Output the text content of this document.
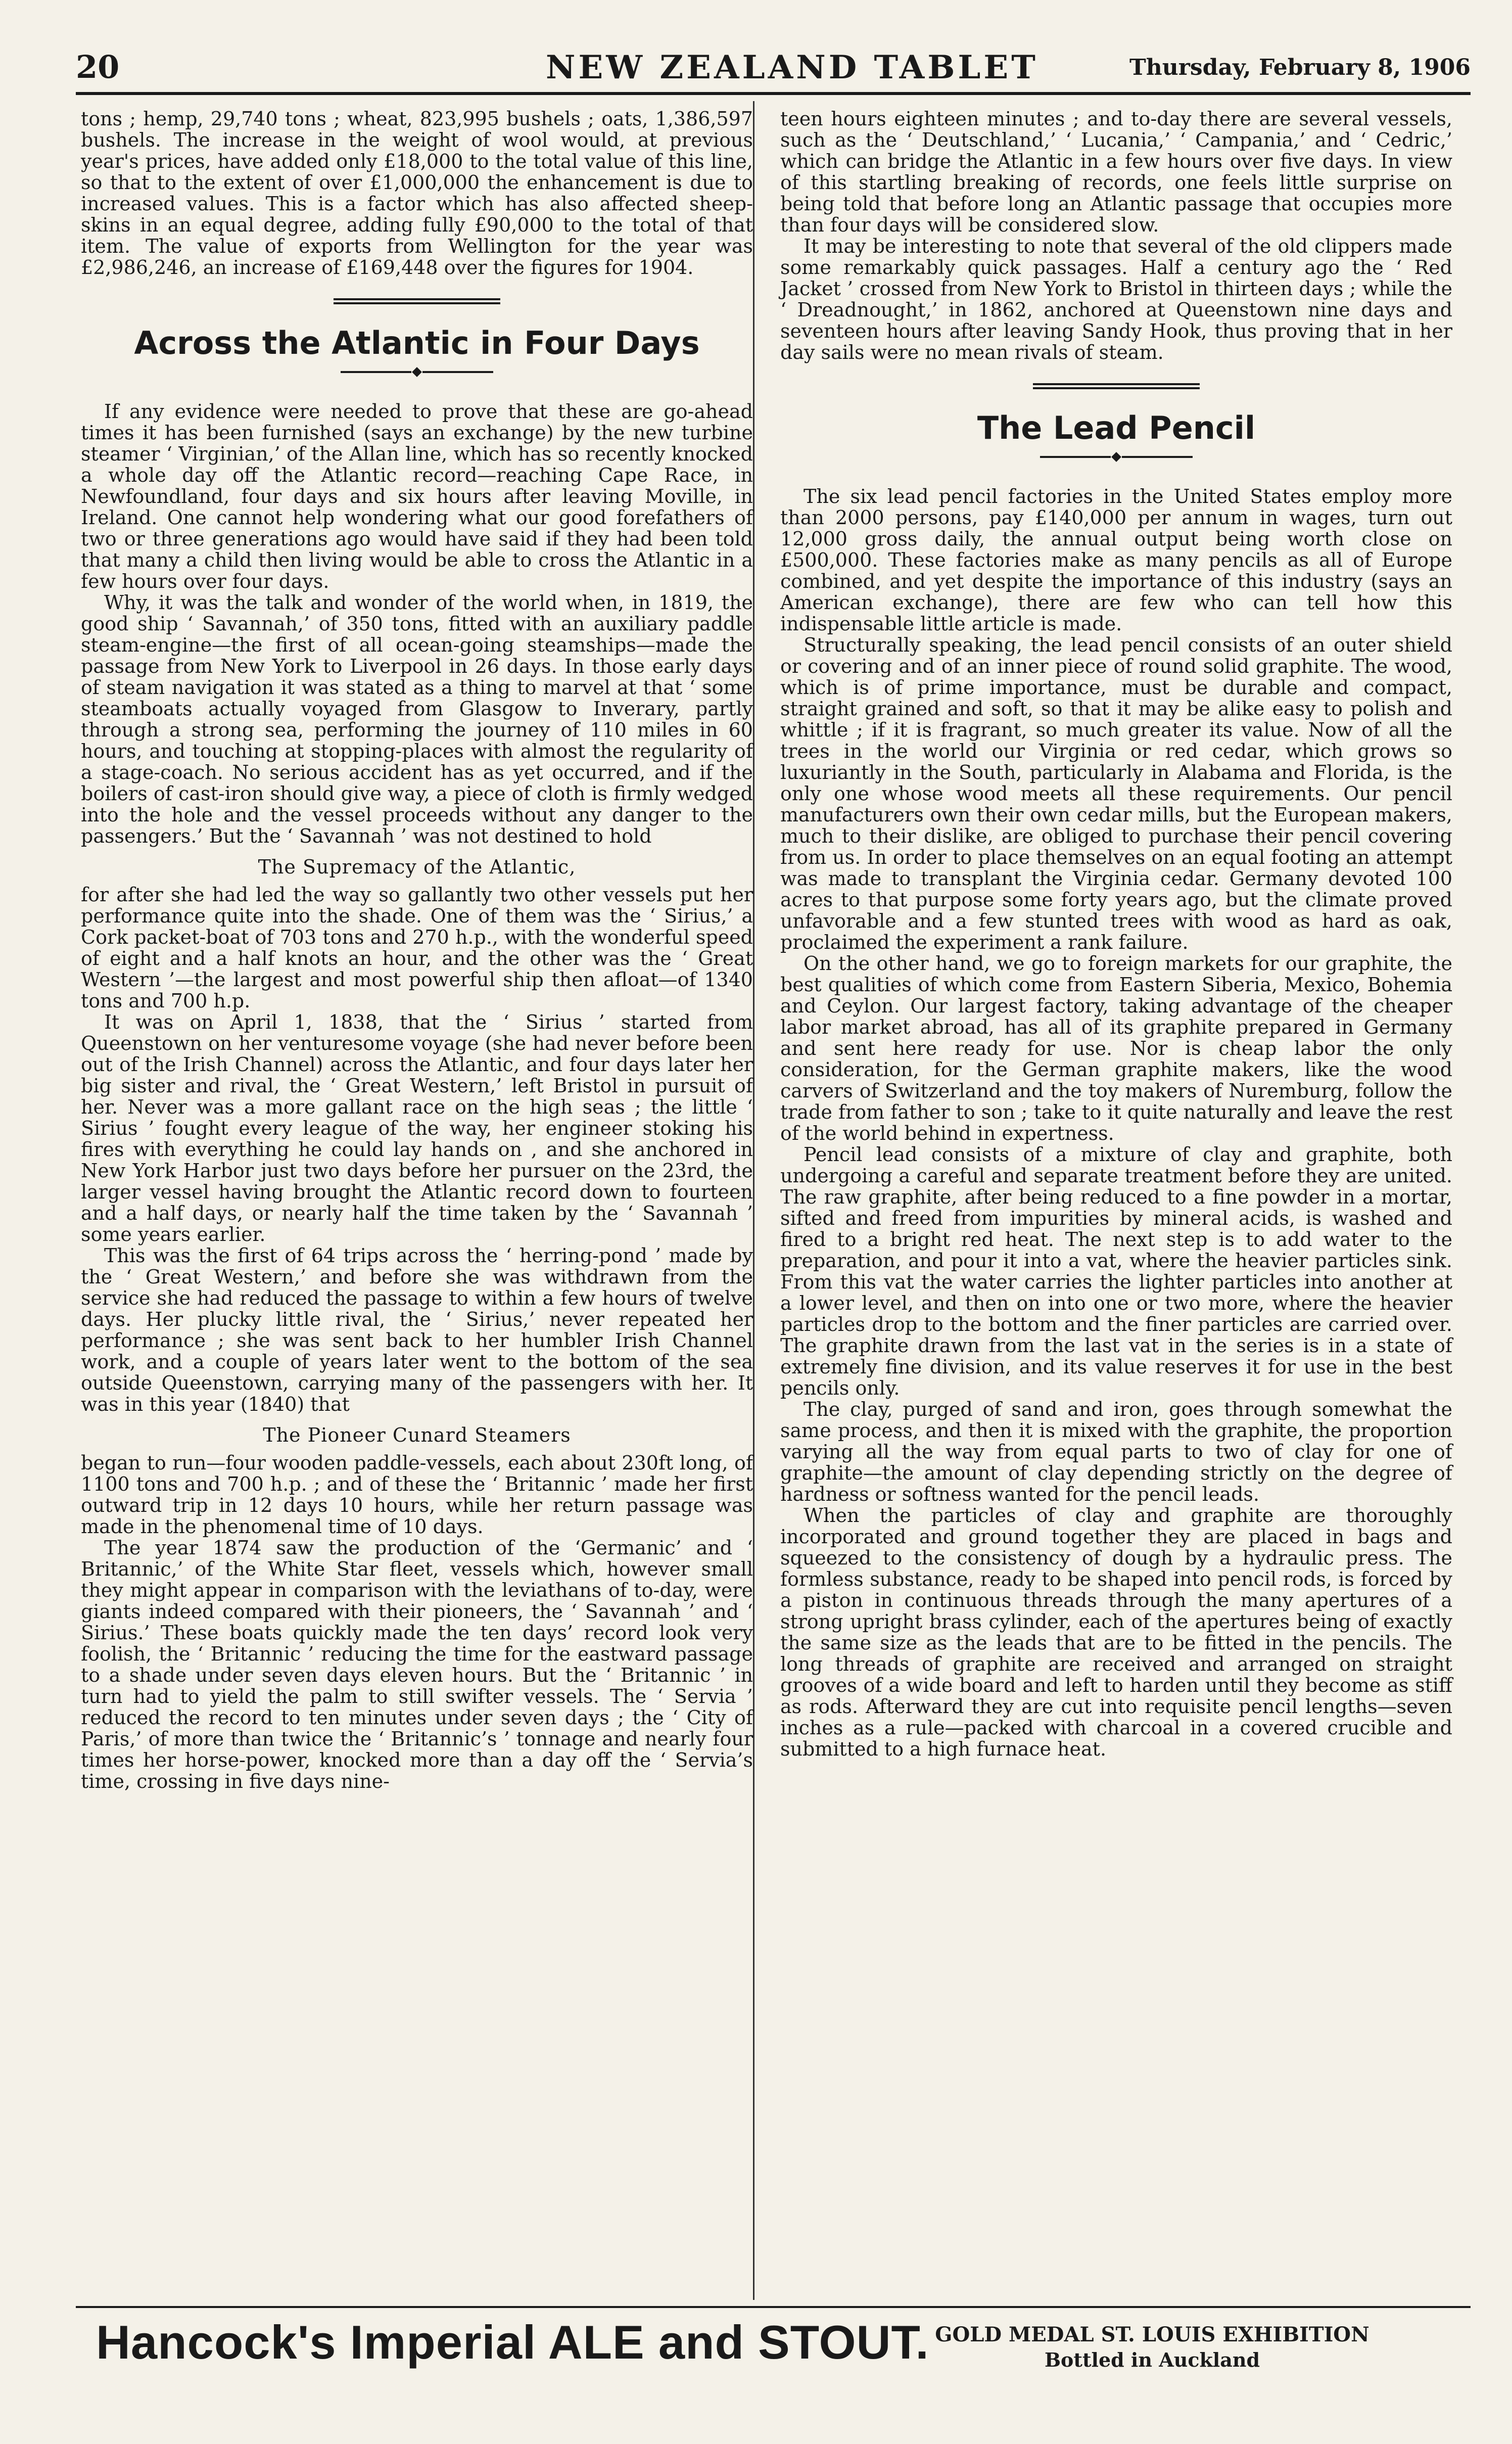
20	NEW ZEALAND TABLET	Thursday, February 8, 1906

tons ; hemp, 29,740 tons ; wheat, 823,995 bushels ; oats, 1,386,597 bushels. The increase in the weight of wool would, at previous year's prices, have added only £18,000 to the total value of this line, so that to the extent of over £1,000,000 the enhancement is due to increased values. This is a factor which has also affected sheep-skins in an equal degree, adding fully £90,000 to the total of that item. The value of exports from Wellington for the year was £2,986,246, an increase of £169,448 over the figures for 1904.

Across the Atlantic in Four Days

If any evidence were needed to prove that these are go-ahead times it has been furnished (says an exchange) by the new turbine steamer ‘ Virginian,’ of the Allan line, which has so recently knocked a whole day off the Atlantic record—reaching Cape Race, in Newfoundland, four days and six hours after leaving Moville, in Ireland. One cannot help wondering what our good forefathers of two or three generations ago would have said if they had been told that many a child then living would be able to cross the Atlantic in a few hours over four days.

Why, it was the talk and wonder of the world when, in 1819, the good ship ‘ Savannah,’ of 350 tons, fitted with an auxiliary paddle steam-engine—the first of all ocean-going steamships—made the passage from New York to Liverpool in 26 days. In those early days of steam navigation it was stated as a thing to marvel at that ‘ some steamboats actually voyaged from Glasgow to Inverary, partly through a strong sea, performing the journey of 110 miles in 60 hours, and touching at stopping-places with almost the regularity of a stage-coach. No serious accident has as yet occurred, and if the boilers of cast-iron should give way, a piece of cloth is firmly wedged into the hole and the vessel proceeds without any danger to the passengers.’ But the ‘ Savannah ’ was not destined to hold

The Supremacy of the Atlantic,

for after she had led the way so gallantly two other vessels put her performance quite into the shade. One of them was the ‘ Sirius,’ a Cork packet-boat of 703 tons and 270 h.p., with the wonderful speed of eight and a half knots an hour, and the other was the ‘ Great Western ’—the largest and most powerful ship then afloat—of 1340 tons and 700 h.p.

It was on April 1, 1838, that the ‘ Sirius ’ started from Queenstown on her venturesome voyage (she had never before been out of the Irish Channel) across the Atlantic, and four days later her big sister and rival, the ‘ Great Western,’ left Bristol in pursuit of her. Never was a more gallant race on the high seas ; the little ‘ Sirius ’ fought every league of the way, her engineer stoking his fires with everything he could lay hands on , and she anchored in New York Harbor just two days before her pursuer on the 23rd, the larger vessel having brought the Atlantic record down to fourteen and a half days, or nearly half the time taken by the ‘ Savannah ’ some years earlier.

This was the first of 64 trips across the ‘ herring-pond ’ made by the ‘ Great Western,’ and before she was withdrawn from the service she had reduced the passage to within a few hours of twelve days. Her plucky little rival, the ‘ Sirius,’ never repeated her performance ; she was sent back to her humbler Irish Channel work, and a couple of years later went to the bottom of the sea outside Queenstown, carrying many of the passengers with her. It was in this year (1840) that

The Pioneer Cunard Steamers

began to run—four wooden paddle-vessels, each about 230ft long, of 1100 tons and 700 h.p. ; and of these the ‘ Britannic ’ made her first outward trip in 12 days 10 hours, while her return passage was made in the phenomenal time of 10 days.

The year 1874 saw the production of the ‘Germanic’ and ‘ Britannic,’ of the White Star fleet, vessels which, however small they might appear in comparison with the leviathans of to-day, were giants indeed compared with their pioneers, the ‘ Savannah ’ and ‘ Sirius.’ These boats quickly made the ten days’ record look very foolish, the ‘ Britannic ’ reducing the time for the eastward passage to a shade under seven days eleven hours. But the ‘ Britannic ’ in turn had to yield the palm to still swifter vessels. The ‘ Servia ’ reduced the record to ten minutes under seven days ; the ‘ City of Paris,’ of more than twice the ‘ Britannic’s ’ tonnage and nearly four times her horse-power, knocked more than a day off the ‘ Servia’s time, crossing in five days nine-

teen hours eighteen minutes ; and to-day there are several vessels, such as the ‘ Deutschland,’ ‘ Lucania,’ ‘ Campania,’ and ‘ Cedric,’ which can bridge the Atlantic in a few hours over five days. In view of this startling breaking of records, one feels little surprise on being told that before long an Atlantic passage that occupies more than four days will be considered slow.

It may be interesting to note that several of the old clippers made some remarkably quick passages. Half a century ago the ‘ Red Jacket ’ crossed from New York to Bristol in thirteen days ; while the ‘ Dreadnought,’ in 1862, anchored at Queenstown nine days and seventeen hours after leaving Sandy Hook, thus proving that in her day sails were no mean rivals of steam.

The Lead Pencil

The six lead pencil factories in the United States employ more than 2000 persons, pay £140,000 per annum in wages, turn out 12,000 gross daily, the annual output being worth close on £500,000. These factories make as many pencils as all of Europe combined, and yet despite the importance of this industry (says an American exchange), there are few who can tell how this indispensable little article is made.

Structurally speaking, the lead pencil consists of an outer shield or covering and of an inner piece of round solid graphite. The wood, which is of prime importance, must be durable and compact, straight grained and soft, so that it may be alike easy to polish and whittle ; if it is fragrant, so much greater its value. Now of all the trees in the world our Virginia or red cedar, which grows so luxuriantly in the South, particularly in Alabama and Florida, is the only one whose wood meets all these requirements. Our pencil manufacturers own their own cedar mills, but the European makers, much to their dislike, are obliged to purchase their pencil covering from us. In order to place themselves on an equal footing an attempt was made to transplant the Virginia cedar. Germany devoted 100 acres to that purpose some forty years ago, but the climate proved unfavorable and a few stunted trees with wood as hard as oak, proclaimed the experiment a rank failure.

On the other hand, we go to foreign markets for our graphite, the best qualities of which come from Eastern Siberia, Mexico, Bohemia and Ceylon. Our largest factory, taking advantage of the cheaper labor market abroad, has all of its graphite prepared in Germany and sent here ready for use. Nor is cheap labor the only consideration, for the German graphite makers, like the wood carvers of Switzerland and the toy makers of Nuremburg, follow the trade from father to son ; take to it quite naturally and leave the rest of the world behind in expertness.

Pencil lead consists of a mixture of clay and graphite, both undergoing a careful and separate treatment before they are united. The raw graphite, after being reduced to a fine powder in a mortar, sifted and freed from impurities by mineral acids, is washed and fired to a bright red heat. The next step is to add water to the preparation, and pour it into a vat, where the heavier particles sink. From this vat the water carries the lighter particles into another at a lower level, and then on into one or two more, where the heavier particles drop to the bottom and the finer particles are carried over. The graphite drawn from the last vat in the series is in a state of extremely fine division, and its value reserves it for use in the best pencils only.

The clay, purged of sand and iron, goes through somewhat the same process, and then it is mixed with the graphite, the proportion varying all the way from equal parts to two of clay for one of graphite—the amount of clay depending strictly on the degree of hardness or softness wanted for the pencil leads.

When the particles of clay and graphite are thoroughly incorporated and ground together they are placed in bags and squeezed to the consistency of dough by a hydraulic press. The formless substance, ready to be shaped into pencil rods, is forced by a piston in continuous threads through the many apertures of a strong upright brass cylinder, each of the apertures being of exactly the same size as the leads that are to be fitted in the pencils. The long threads of graphite are received and arranged on straight grooves of a wide board and left to harden until they become as stiff as rods. Afterward they are cut into requisite pencil lengths—seven inches as a rule—packed with charcoal in a covered crucible and submitted to a high furnace heat.

Hancock's Imperial ALE and STOUT. GOLD MEDAL ST. LOUIS EXHIBITION
Bottled in Auckland
